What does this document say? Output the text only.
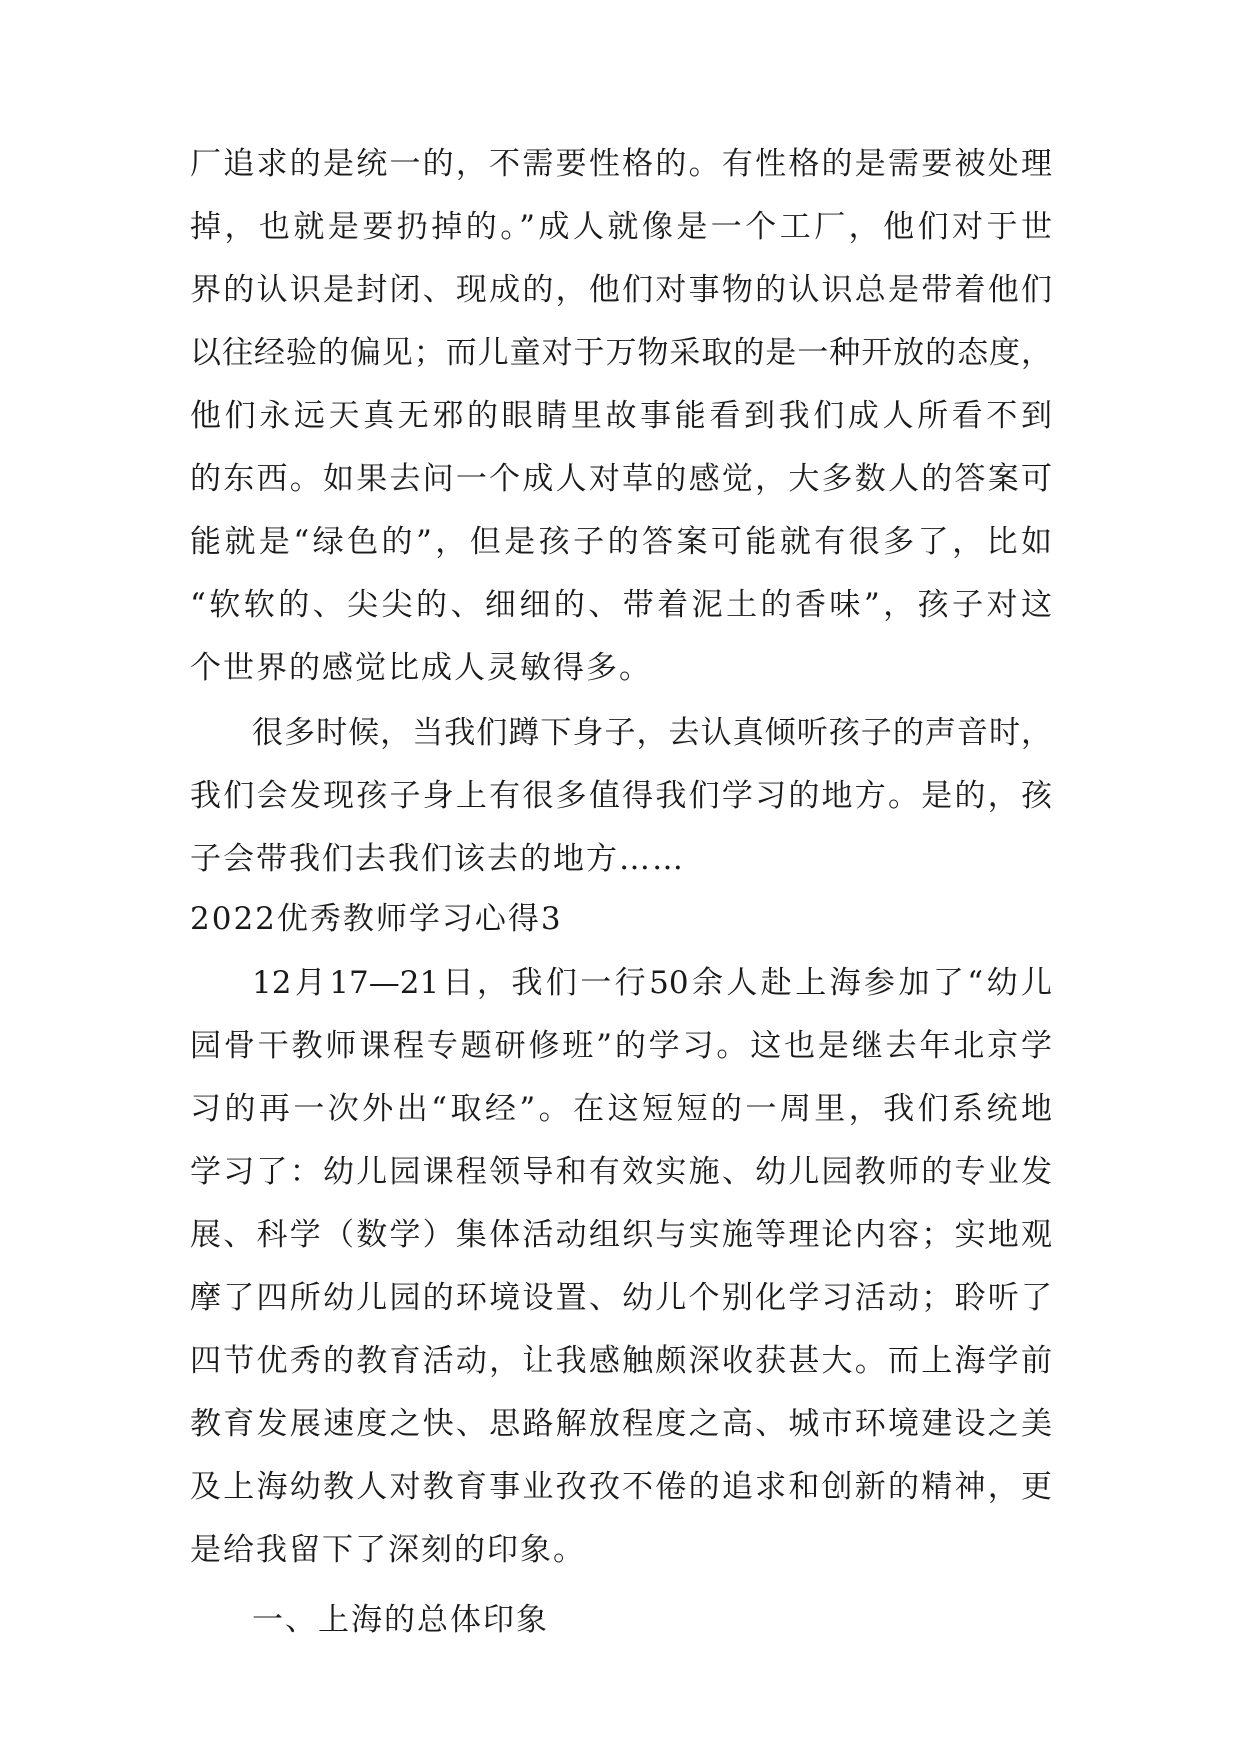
厂追求的是统一的，不需要性格的。有性格的是需要被处理
掉，也就是要扔掉的。”成人就像是一个工厂，他们对于世
界的认识是封闭、现成的，他们对事物的认识总是带着他们
以往经验的偏见；而儿童对于万物采取的是一种开放的态度，
他们永远天真无邪的眼睛里故事能看到我们成人所看不到
的东西。如果去问一个成人对草的感觉，大多数人的答案可
能就是“绿色的”，但是孩子的答案可能就有很多了，比如
“软软的、尖尖的、细细的、带着泥土的香味”，孩子对这
个世界的感觉比成人灵敏得多。
很多时候，当我们蹲下身子，去认真倾听孩子的声音时，
我们会发现孩子身上有很多值得我们学习的地方。是的，孩
子会带我们去我们该去的地方……
2022优秀教师学习心得3
12月17—21日，我们一行50余人赴上海参加了“幼儿
园骨干教师课程专题研修班”的学习。这也是继去年北京学
习的再一次外出“取经”。在这短短的一周里，我们系统地
学习了：幼儿园课程领导和有效实施、幼儿园教师的专业发
展、科学（数学）集体活动组织与实施等理论内容；实地观
摩了四所幼儿园的环境设置、幼儿个别化学习活动；聆听了
四节优秀的教育活动，让我感触颇深收获甚大。而上海学前
教育发展速度之快、思路解放程度之高、城市环境建设之美
及上海幼教人对教育事业孜孜不倦的追求和创新的精神，更
是给我留下了深刻的印象。
一、上海的总体印象
